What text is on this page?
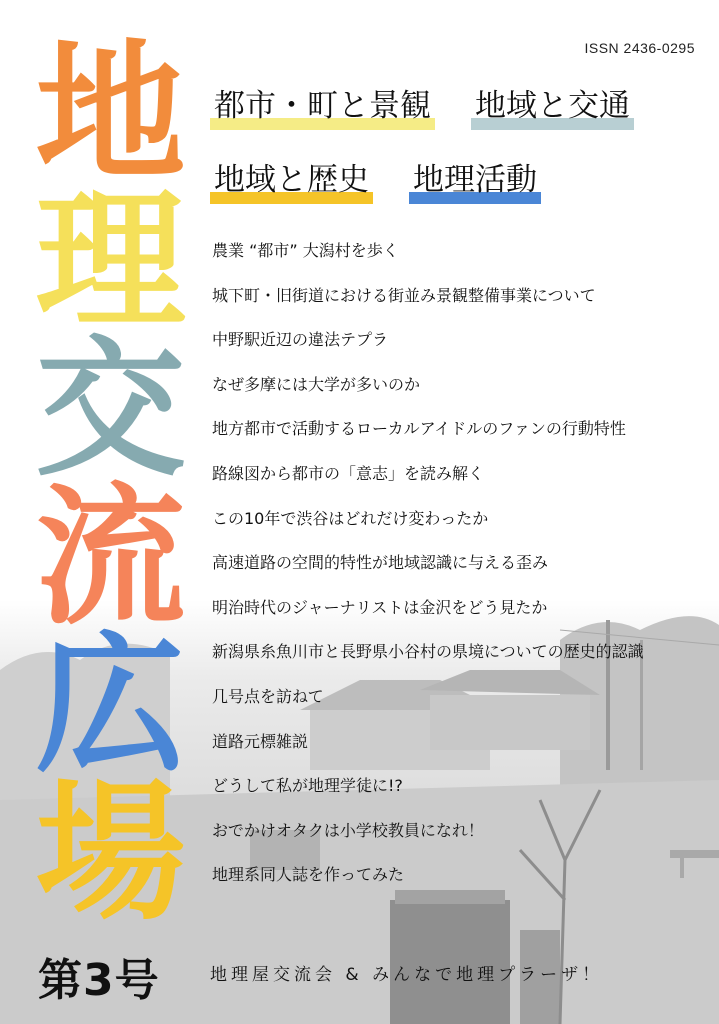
ISSN 2436-0295
地
理
交
流
広
場
第3号
都市・町と景観 地域と交通
地域と歴史 地理活動
農業 “都市” 大潟村を歩く
城下町・旧街道における街並み景観整備事業について
中野駅近辺の違法テプラ
なぜ多摩には大学が多いのか
地方都市で活動するローカルアイドルのファンの行動特性
路線図から都市の「意志」を読み解く
この10年で渋谷はどれだけ変わったか
高速道路の空間的特性が地域認識に与える歪み
明治時代のジャーナリストは金沢をどう見たか
新潟県糸魚川市と長野県小谷村の県境についての歴史的認識
几号点を訪ねて
道路元標雑説
どうして私が地理学徒に!?
おでかけオタクは小学校教員になれ！
地理系同人誌を作ってみた
地理屋交流会 & みんなで地理プラーザ！
